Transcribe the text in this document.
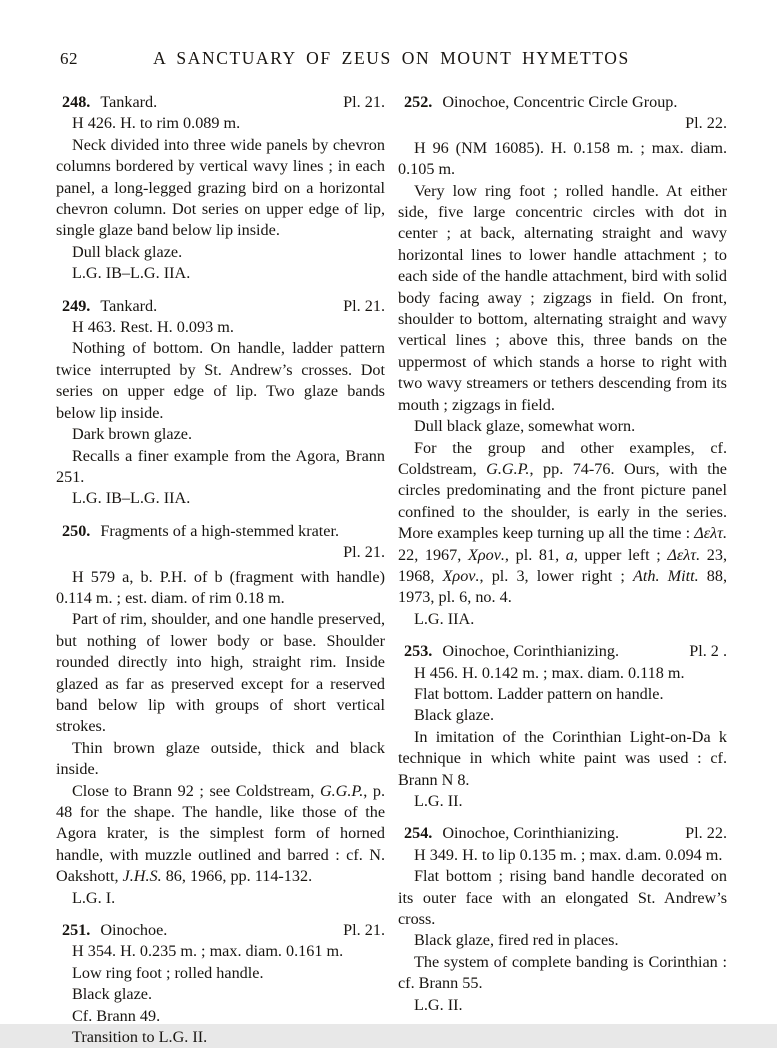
62	A SANCTUARY OF ZEUS ON MOUNT HYMETTOS
248. Tankard.	Pl. 21.

H 426. H. to rim 0.089 m.

Neck divided into three wide panels by chevron columns bordered by vertical wavy lines ; in each panel, a long-legged grazing bird on a horizontal chevron column. Dot series on upper edge of lip, single glaze band below lip inside.

Dull black glaze.

L.G. IB–L.G. IIA.

249. Tankard.	Pl. 21.

H 463. Rest. H. 0.093 m.

Nothing of bottom. On handle, ladder pattern twice interrupted by St. Andrew’s crosses. Dot series on upper edge of lip. Two glaze bands below lip inside.

Dark brown glaze.

Recalls a finer example from the Agora, Brann 251.

L.G. IB–L.G. IIA.

250. Fragments of a high-stemmed krater.
Pl. 21.

H 579 a, b. P.H. of b (fragment with handle) 0.114 m. ; est. diam. of rim 0.18 m.

Part of rim, shoulder, and one handle preserved, but nothing of lower body or base. Shoulder rounded directly into high, straight rim. Inside glazed as far as preserved except for a reserved band below lip with groups of short vertical strokes.

Thin brown glaze outside, thick and black inside.

Close to Brann 92 ; see Coldstream, G.G.P., p. 48 for the shape. The handle, like those of the Agora krater, is the simplest form of horned handle, with muzzle outlined and barred : cf. N. Oakshott, J.H.S. 86, 1966, pp. 114-132.

L.G. I.

251. Oinochoe.	Pl. 21.

H 354. H. 0.235 m. ; max. diam. 0.161 m.

Low ring foot ; rolled handle.

Black glaze.

Cf. Brann 49.

Transition to L.G. II.

252. Oinochoe, Concentric Circle Group.
Pl. 22.

H 96 (NM 16085). H. 0.158 m. ; max. diam. 0.105 m.

Very low ring foot ; rolled handle. At either side, five large concentric circles with dot in center ; at back, alternating straight and wavy horizontal lines to lower handle attachment ; to each side of the handle attachment, bird with solid body facing away ; zigzags in field. On front, shoulder to bottom, alternating straight and wavy vertical lines ; above this, three bands on the uppermost of which stands a horse to right with two wavy streamers or tethers descending from its mouth ; zigzags in field.

Dull black glaze, somewhat worn.

For the group and other examples, cf. Coldstream, G.G.P., pp. 74-76. Ours, with the circles predominating and the front picture panel confined to the shoulder, is early in the series. More examples keep turning up all the time : Δελτ. 22, 1967, Χρον., pl. 81, a, upper left ; Δελτ. 23, 1968, Χρον., pl. 3, lower right ; Ath. Mitt. 88, 1973, pl. 6, no. 4.

L.G. IIA.

253. Oinochoe, Corinthianizing.	Pl. 2 .

H 456. H. 0.142 m. ; max. diam. 0.118 m.

Flat bottom. Ladder pattern on handle.

Black glaze.

In imitation of the Corinthian Light-on-Da k technique in which white paint was used : cf. Brann N 8.

L.G. II.

254. Oinochoe, Corinthianizing.	Pl. 22.

H 349. H. to lip 0.135 m. ; max. d.am. 0.094 m.

Flat bottom ; rising band handle decorated on its outer face with an elongated St. Andrew’s cross.

Black glaze, fired red in places.

The system of complete banding is Corinthian : cf. Brann 55.

L.G. II.
